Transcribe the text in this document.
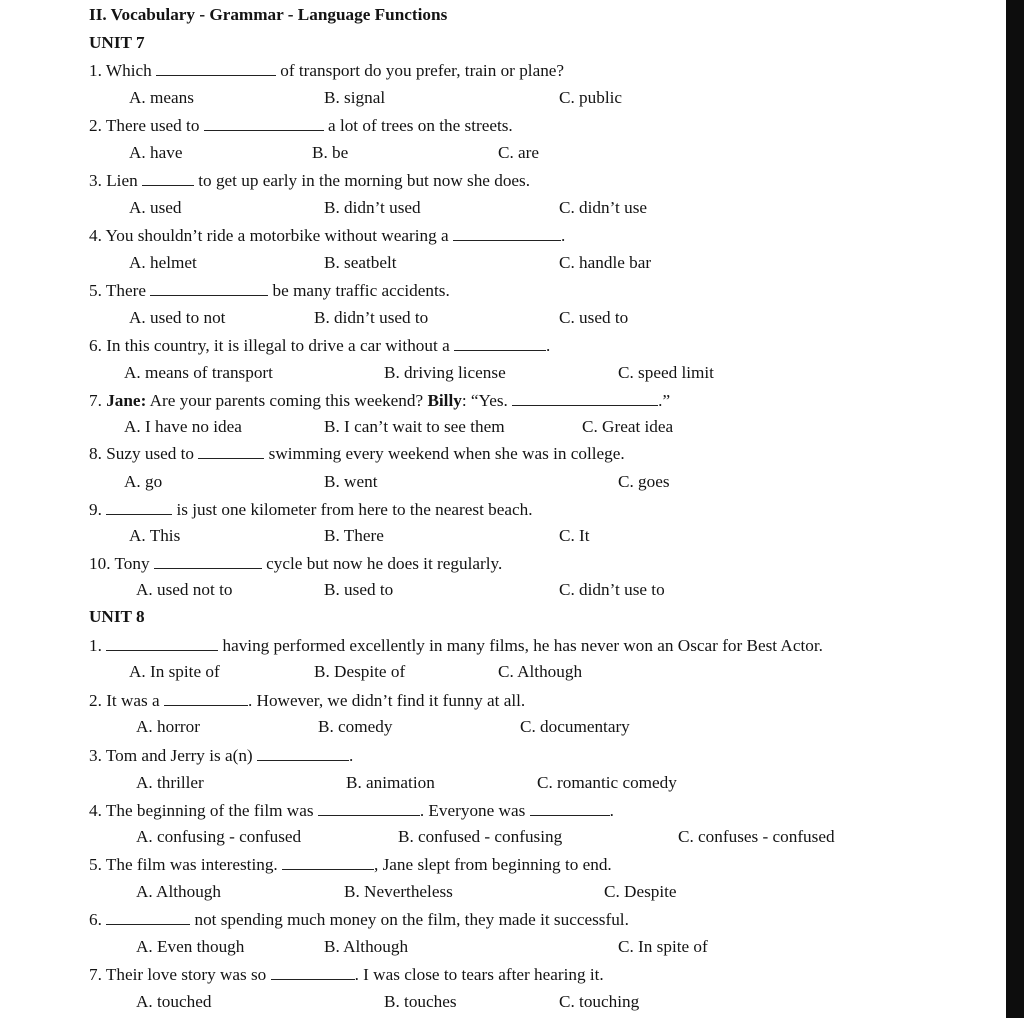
II. Vocabulary - Grammar - Language Functions
UNIT 7
1. Which	of transport do you prefer, train or plane?
A. means	B. signal	C. public
2. There used to	a lot of trees on the streets.
A. have	B. be	C. are
3. Lien	to get up early in the morning but now she does.
A. used	B. didn’t used	C. didn’t use
4. You shouldn’t ride a motorbike without wearing a	.
A. helmet	B. seatbelt	C. handle bar
5. There	be many traffic accidents.
A. used to not	B. didn’t used to	C. used to
6. In this country, it is illegal to drive a car without a	.
A. means of transport	B. driving license	C. speed limit
7. Jane: Are your parents coming this weekend? Billy: “Yes.	.”
A. I have no idea	B. I can’t wait to see them	C. Great idea
8. Suzy used to	swimming every weekend when she was in college.
A. go	B. went	C. goes
9.	is just one kilometer from here to the nearest beach.
A. This	B. There	C. It
10. Tony	cycle but now he does it regularly.
A. used not to	B. used to	C. didn’t use to
UNIT 8
1.	having performed excellently in many films, he has never won an Oscar for Best Actor.
A. In spite of	B. Despite of	C. Although
2. It was a	. However, we didn’t find it funny at all.
A. horror	B. comedy	C. documentary
3. Tom and Jerry is a(n)	.
A. thriller	B. animation	C. romantic comedy
4. The beginning of the film was	. Everyone was	.
A. confusing - confused	B. confused - confusing	C. confuses - confused
5. The film was interesting.	, Jane slept from beginning to end.
A. Although	B. Nevertheless	C. Despite
6.	not spending much money on the film, they made it successful.
A. Even though	B. Although	C. In spite of
7. Their love story was so	. I was close to tears after hearing it.
A. touched	B. touches	C. touching
